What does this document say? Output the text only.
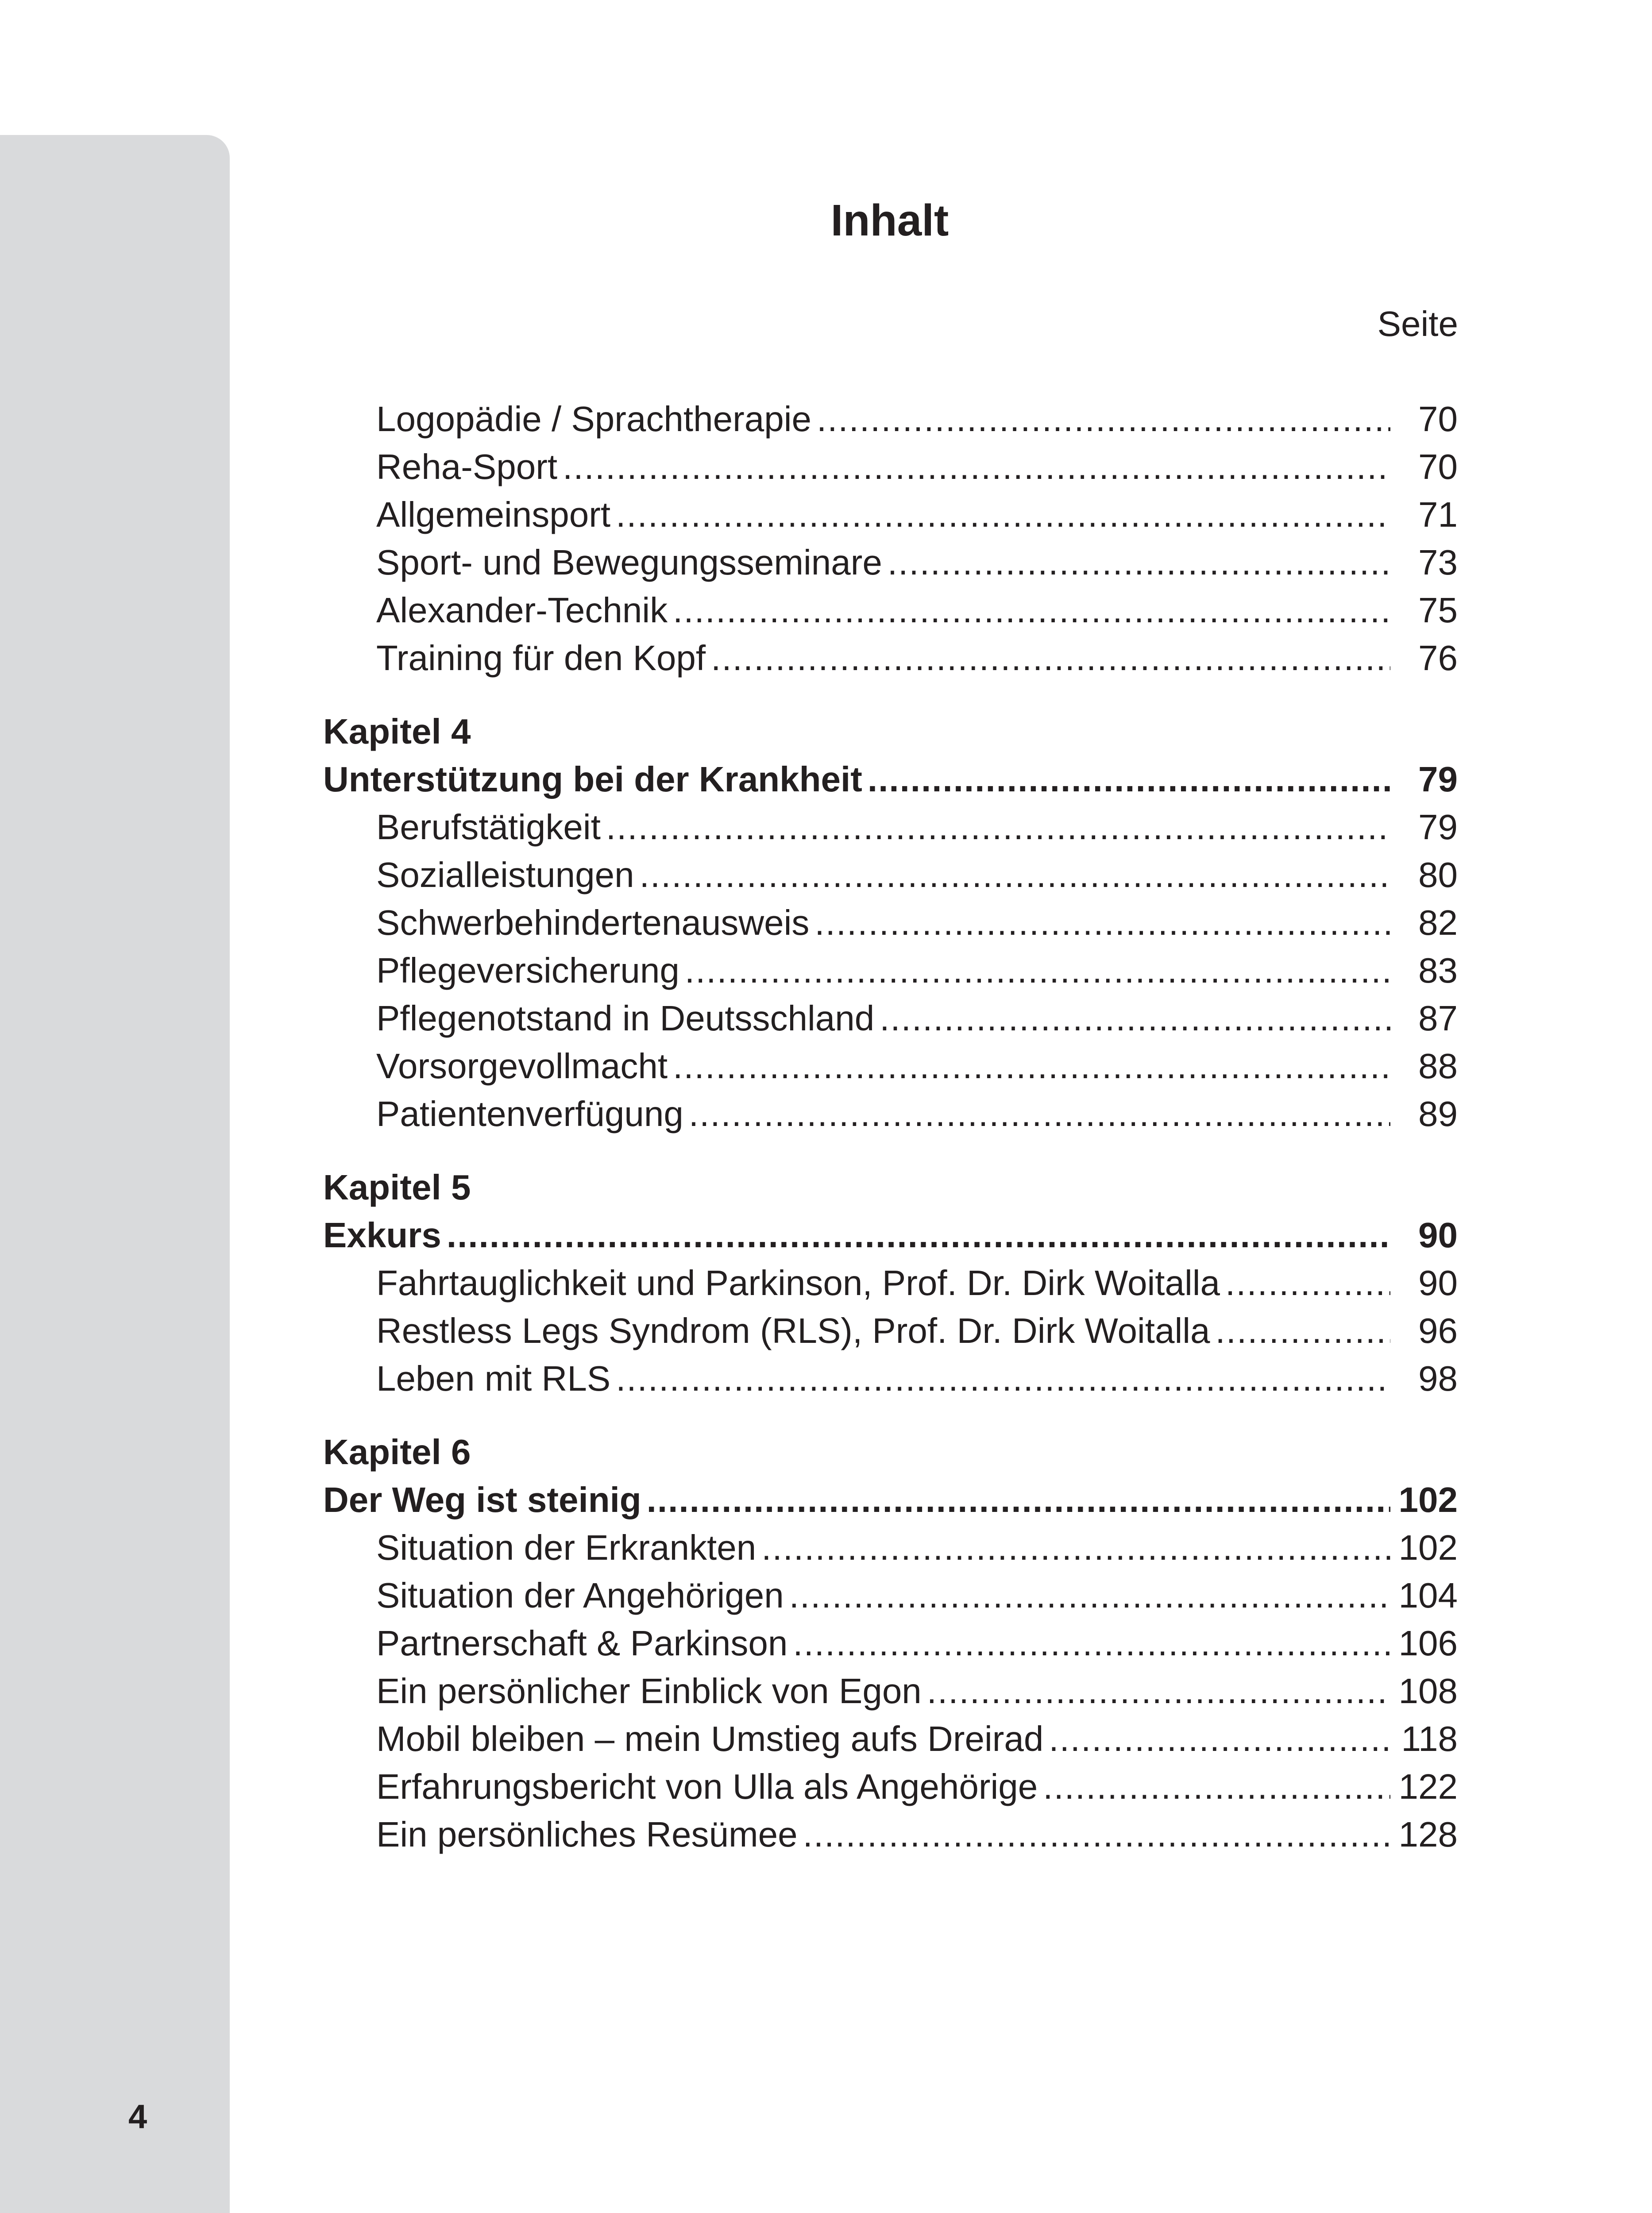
4
Inhalt
Seite
Logopädie / Sprachtherapie .....	70
Reha-Sport .....	70
Allgemeinsport .....	71
Sport- und Bewegungsseminare .....	73
Alexander-Technik .....	75
Training für den Kopf .....	76
Kapitel 4
Unterstützung bei der Krankheit .....	79
Berufstätigkeit .....	79
Sozialleistungen .....	80
Schwerbehindertenausweis .....	82
Pflegeversicherung .....	83
Pflegenotstand in Deutsschland .....	87
Vorsorgevollmacht .....	88
Patientenverfügung .....	89
Kapitel 5
Exkurs .....	90
Fahrtauglichkeit und Parkinson, Prof. Dr. Dirk Woitalla .....	90
Restless Legs Syndrom (RLS), Prof. Dr. Dirk Woitalla .....	96
Leben mit RLS .....	98
Kapitel 6
Der Weg ist steinig .....	102
Situation der Erkrankten .....	102
Situation der Angehörigen .....	104
Partnerschaft & Parkinson .....	106
Ein persönlicher Einblick von Egon .....	108
Mobil bleiben – mein Umstieg aufs Dreirad .....	118
Erfahrungsbericht von Ulla als Angehörige .....	122
Ein persönliches Resümee .....	128
